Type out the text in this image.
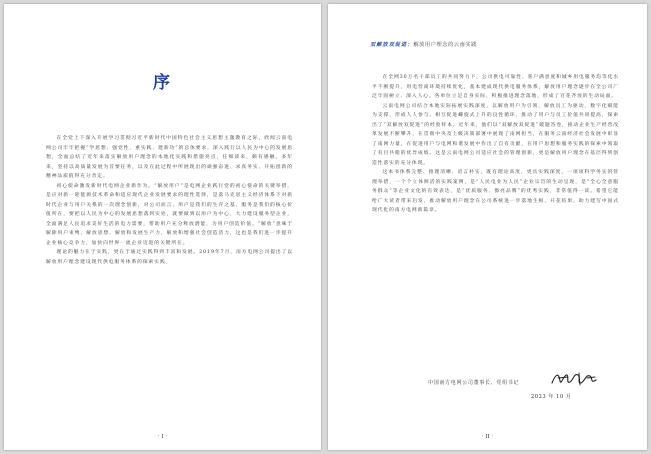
序

在全党上下深入开展学习贯彻习近平新时代中国特色社会主义思想主题教育之际，欣闻云南电网公司牢牢把握“学思想、强党性、重实践、建新功”的总体要求，深入践行以人民为中心的发展思想，全面总结了近年来落实解放用户理念的本地化实践和措施亮点，任细读来，颇有感触。多年来，坚持以高质量发展为首要任务，以及在此过程中所展现出的顽强奋进、求真务实、开拓创新的精神品质值得充分肯定。

初心使命激发新时代电网企业新作为。“解放用户”是电网企业践行党的初心使命的关键举措，是应对新一轮能源技术革命和适应现代企业发展要求的理性选择，是落马克思主义经济体系下对新时代企业与用户关系的一次理念创新，对公司而言，用户是我们的生存之基，服务是我们的核心价值所在，要把以人民为中心的发展思想落到实处，就要做到以用户为中心，大力建设服务型企业，全面满足人民追求美好生活的电力需要，帮助用户充分释放潜能，为用户创造价值。“解放”意味于解除用户束缚，解放思想、解放和发展生产力，解放和增强社会创造活力，这也是我们进一步提升企业核心竞争力，加快向世界一流企业迈进的关键所在。

理论的魅力在于实践，更在于通过实践得到丰富和发展。2019年7月，南方电网公司提出了以解放用户理念建设现代供电服务体系的探索实践。

· I ·
双解放双促进：解放用户理念的云南实践

在全网30万名干部员工的共同努力下，公司供电可靠性、客户满意度和城乡用电服务均等化水平不断提升，用电营商环境持续优化，基本建成现代供电服务体系，解放用户理念逐步在全公司广泛牢固树立、深入人心。各单位立足自身实际，积极推进理念落地，形成了百花齐放的生动局面。

云南电网公司结合本地实际拓展实践深度，以解放用户为引领，解放员工为驱动，数字化赋能为支撑，形成人人参与、相互促进螺旋式上升的良性循环，推动了用户与员工价值共同提高，探索出了“双解放双促进”的经验样本。近年来，他们以“双解放双促进”破题答卷，推动企业生产经营改革发展不断攀升，在贯彻中央及上级决策部署中展现了南网担当，在服务云南经济社会发展中彰显了南网力量，在促进用户与电网和谐发展中作出了自有贡献，在用户思想和服务实践的探索中领取了有目共睹的优异成绩。这是云南电网公司适应社会的管理创新，更是解放用户理念在基层得到创造性落实的充分体现。

这本书体系完整、推理清晰、语言朴实，既有理论高度，更具实践深度，一项项科学务实的管理举措，一个个立体鲜活的实践案例，是“人民电业为人民”企业宗旨的生动呈现，是“全心全意服务群众”等企业文化的有效表达，是“优质服务、擦亮品牌”的优秀实践，非常值得一读。希望它能给广大读者带来启发，推动解放用户理念在公司系统进一步落地生根、开花结果，助力建写中国式现代化的南方电网新篇章。

中国南方电网公司董事长、党组书记
2023 年 10 月
· II ·
